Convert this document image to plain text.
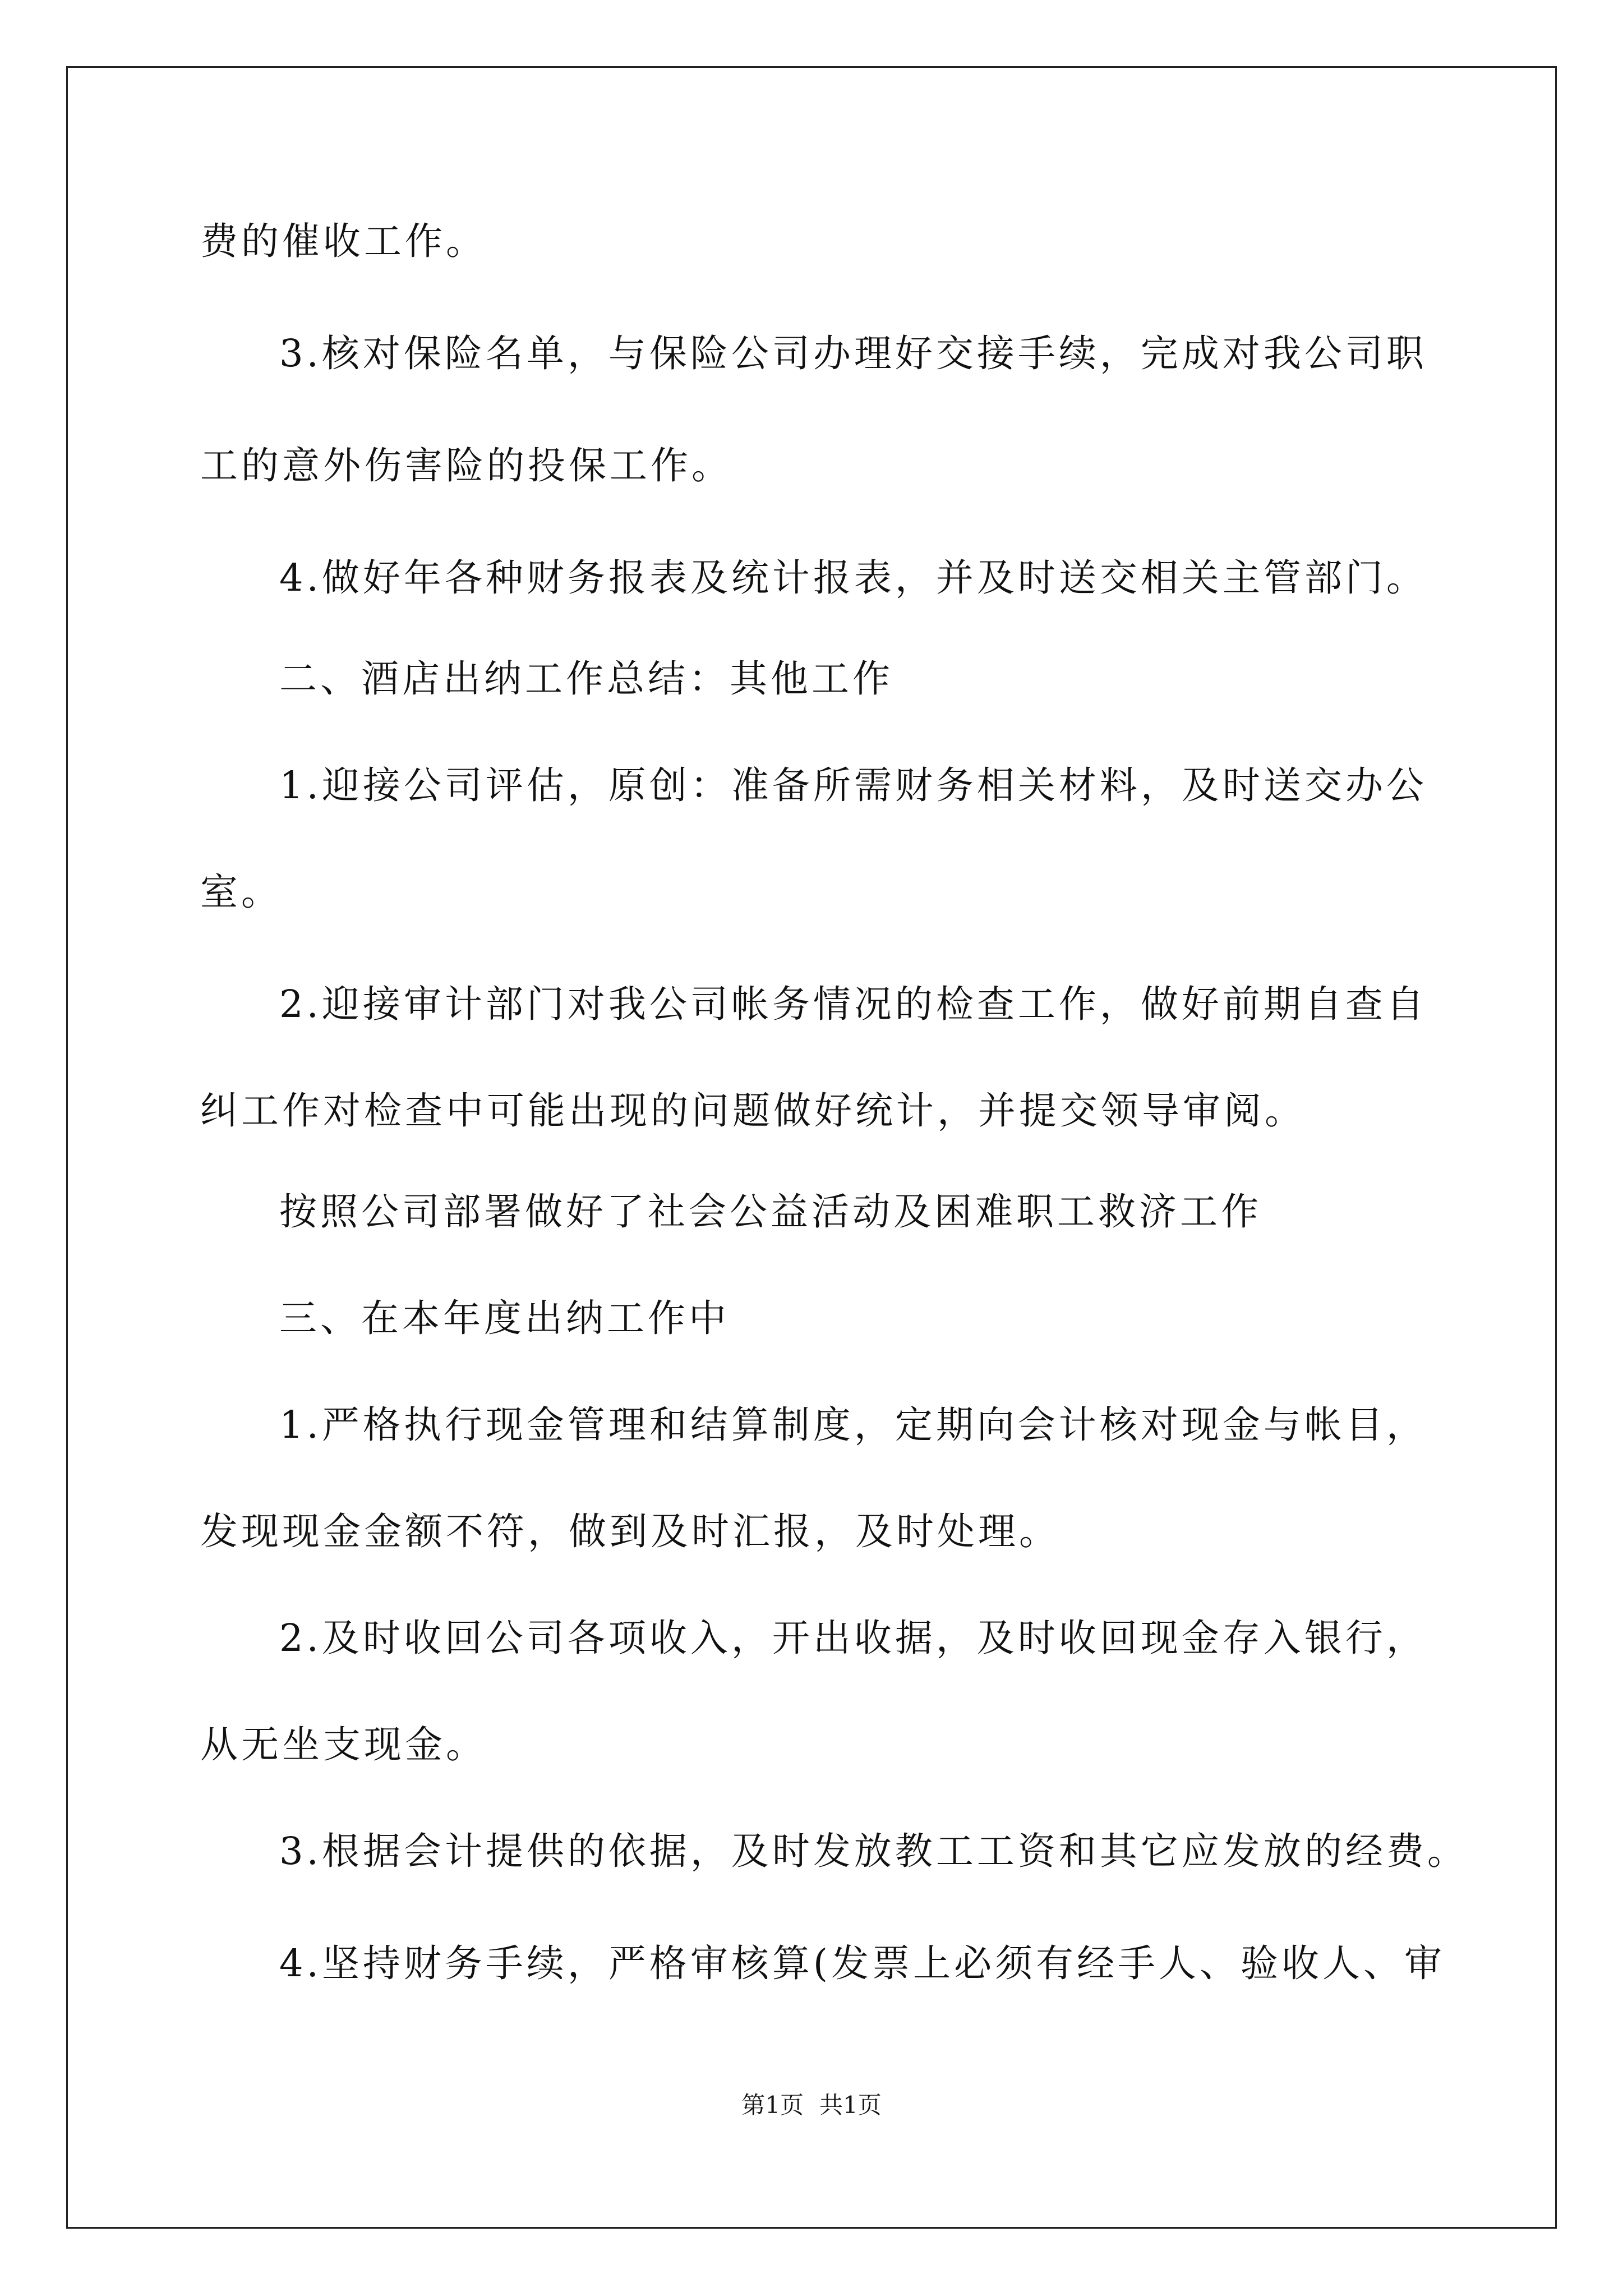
费的催收工作。
3.核对保险名单，与保险公司办理好交接手续，完成对我公司职
工的意外伤害险的投保工作。
4.做好年各种财务报表及统计报表，并及时送交相关主管部门。
二、酒店出纳工作总结：其他工作
1.迎接公司评估，原创：准备所需财务相关材料，及时送交办公
室。
2.迎接审计部门对我公司帐务情况的检查工作，做好前期自查自
纠工作对检查中可能出现的问题做好统计，并提交领导审阅。
按照公司部署做好了社会公益活动及困难职工救济工作
三、在本年度出纳工作中
1.严格执行现金管理和结算制度，定期向会计核对现金与帐目，
发现现金金额不符，做到及时汇报，及时处理。
2.及时收回公司各项收入，开出收据，及时收回现金存入银行，
从无坐支现金。
3.根据会计提供的依据，及时发放教工工资和其它应发放的经费。
4.坚持财务手续，严格审核算(发票上必须有经手人、验收人、审
第1页 共1页
